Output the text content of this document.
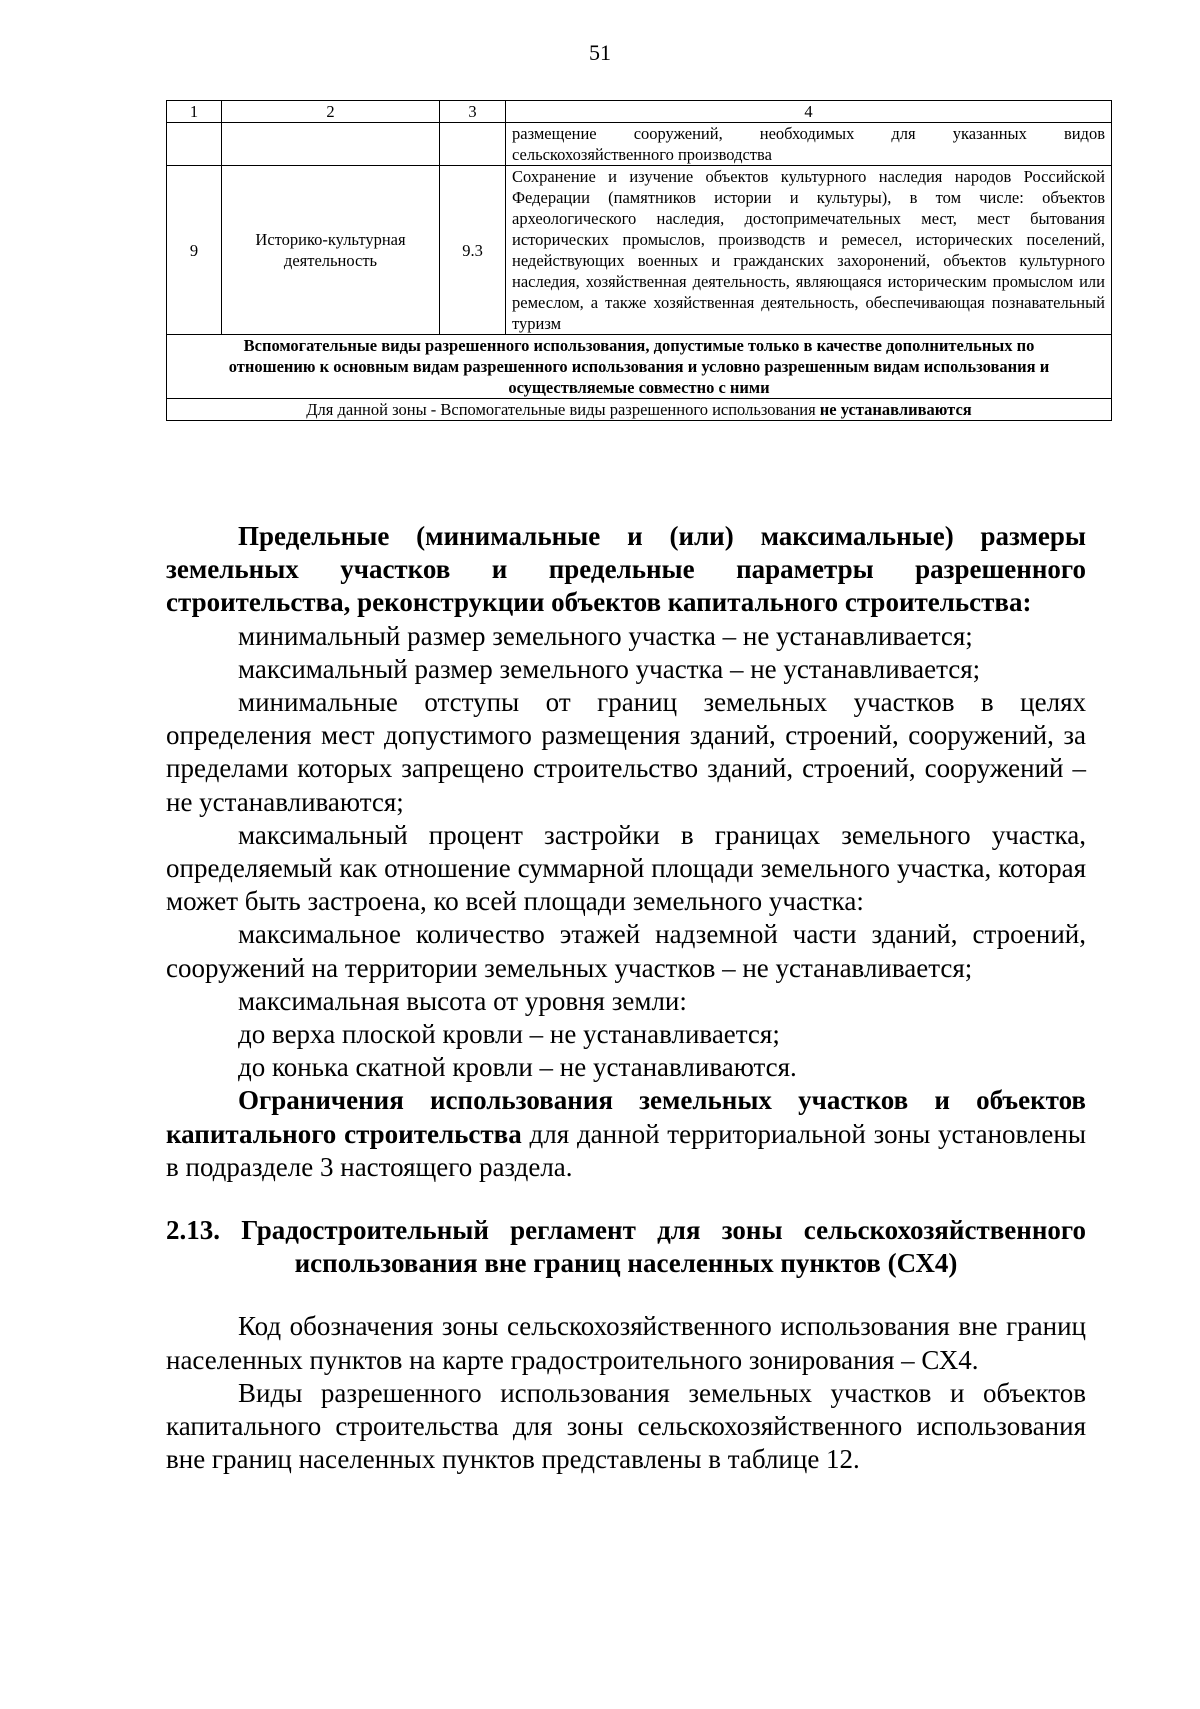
51
1	2	3	4
			размещение сооружений, необходимых для указанных видов сельскохозяйственного производства
9	Историко-культурная деятельность	9.3	Сохранение и изучение объектов культурного наследия народов Российской Федерации (памятников истории и культуры), в том числе: объектов археологического наследия, достопримечательных мест, мест бытования исторических промыслов, производств и ремесел, исторических поселений, недействующих военных и гражданских захоронений, объектов культурного наследия, хозяйственная деятельность, являющаяся историческим промыслом или ремеслом, а также хозяйственная деятельность, обеспечивающая познавательный туризм
Вспомогательные виды разрешенного использования, допустимые только в качестве дополнительных по отношению к основным видам разрешенного использования и условно разрешенным видам использования и осуществляемые совместно с ними			
Для данной зоны - Вспомогательные виды разрешенного использования не устанавливаются			

Предельные (минимальные и (или) максимальные) размеры земельных участков и предельные параметры разрешенного строительства, реконструкции объектов капитального строительства:

минимальный размер земельного участка – не устанавливается;

максимальный размер земельного участка – не устанавливается;

минимальные отступы от границ земельных участков в целях определения мест допустимого размещения зданий, строений, сооружений, за пределами которых запрещено строительство зданий, строений, сооружений – не устанавливаются;

максимальный процент застройки в границах земельного участка, определяемый как отношение суммарной площади земельного участка, которая может быть застроена, ко всей площади земельного участка:

максимальное количество этажей надземной части зданий, строений, сооружений на территории земельных участков – не устанавливается;

максимальная высота от уровня земли:

до верха плоской кровли – не устанавливается;

до конька скатной кровли – не устанавливаются.

Ограничения использования земельных участков и объектов капитального строительства для данной территориальной зоны установлены в подразделе 3 настоящего раздела.

2.13. Градостроительный регламент для зоны сельскохозяйственного использования вне границ населенных пунктов (СХ4)

Код обозначения зоны сельскохозяйственного использования вне границ населенных пунктов на карте градостроительного зонирования – СХ4.

Виды разрешенного использования земельных участков и объектов капитального строительства для зоны сельскохозяйственного использования вне границ населенных пунктов представлены в таблице 12.
